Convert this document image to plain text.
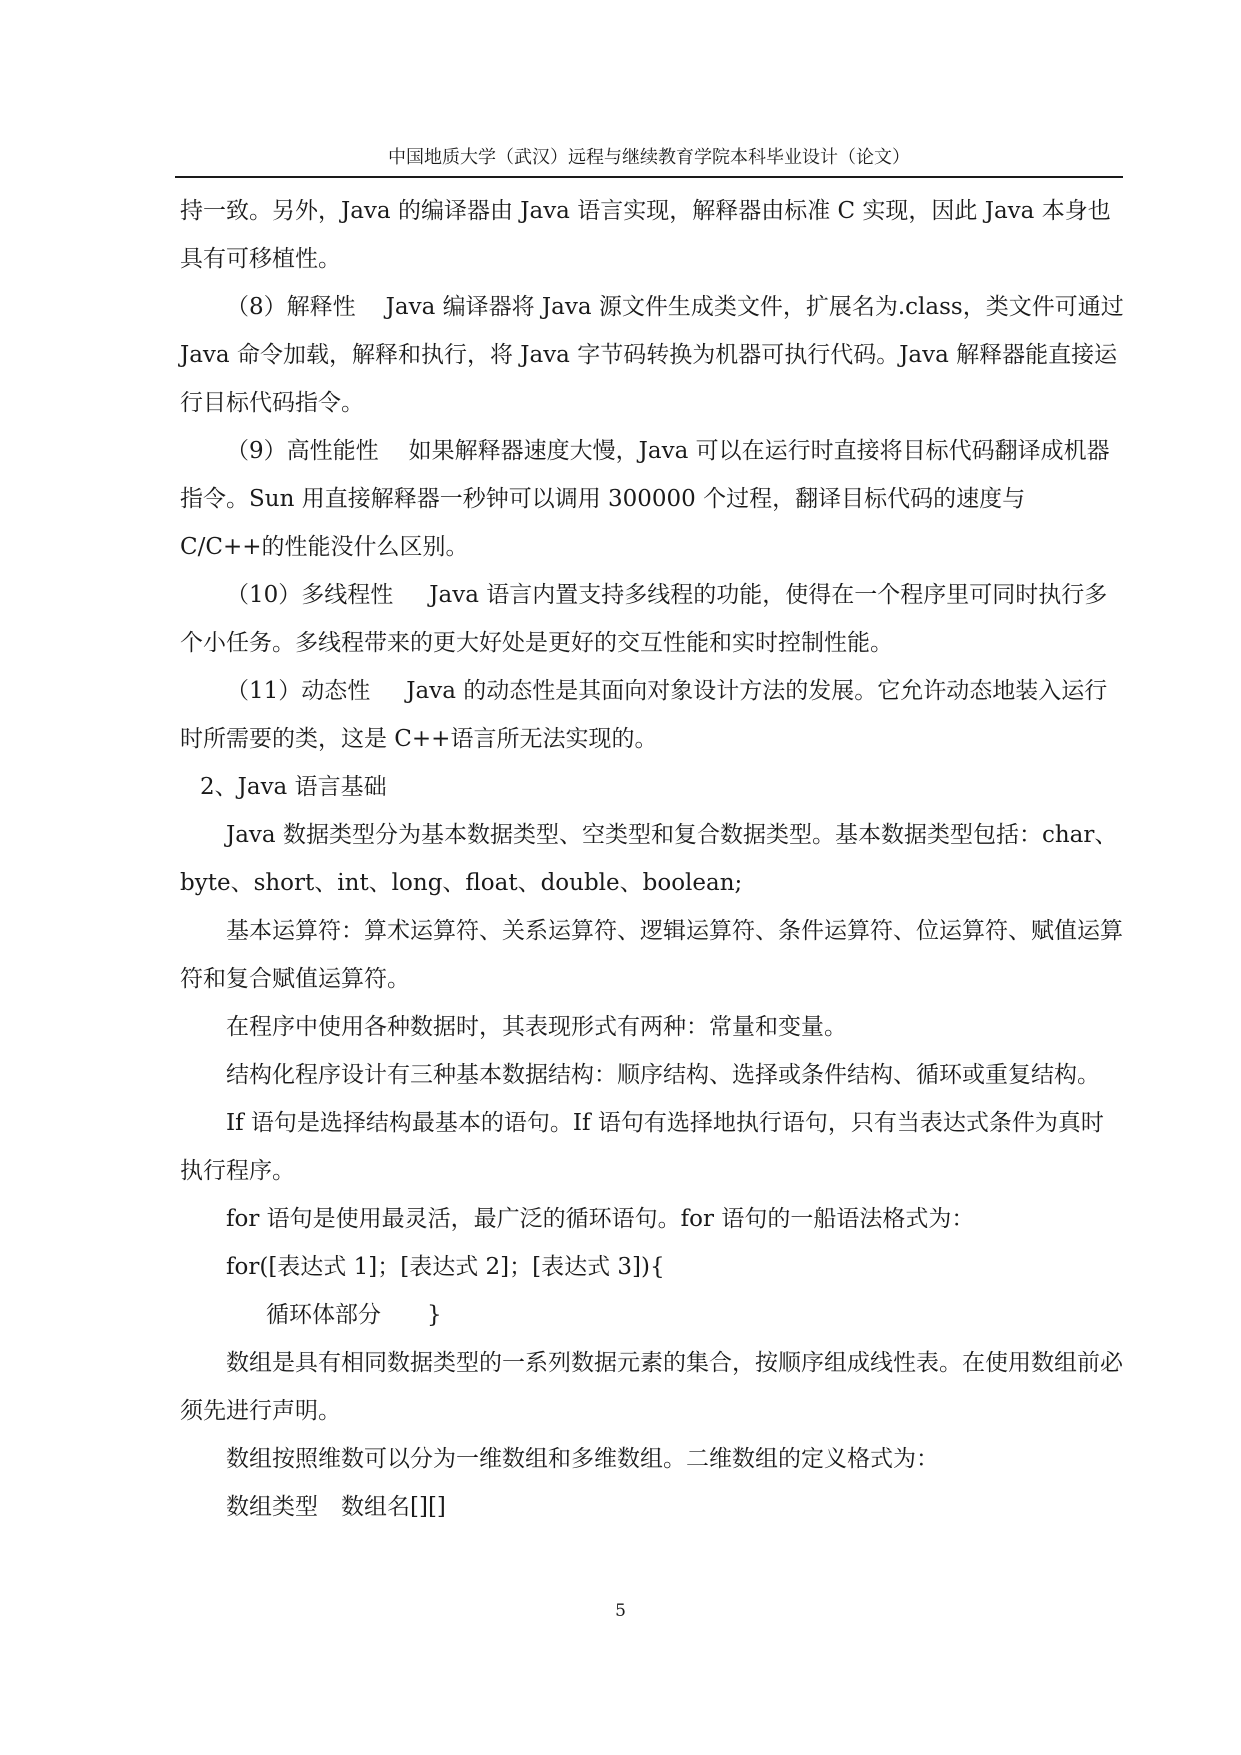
中国地质大学（武汉）远程与继续教育学院本科毕业设计（论文）

持一致。另外，Java 的编译器由 Java 语言实现，解释器由标准 C 实现，因此 Java 本身也具有可移植性。

（8）解释性 Java 编译器将 Java 源文件生成类文件，扩展名为.class，类文件可通过 Java 命令加载，解释和执行，将 Java 字节码转换为机器可执行代码。Java 解释器能直接运行目标代码指令。

（9）高性能性 如果解释器速度大慢，Java 可以在运行时直接将目标代码翻译成机器指令。Sun 用直接解释器一秒钟可以调用 300000 个过程，翻译目标代码的速度与 C/C++的性能没什么区别。

（10）多线程性 Java 语言内置支持多线程的功能，使得在一个程序里可同时执行多个小任务。多线程带来的更大好处是更好的交互性能和实时控制性能。

（11）动态性 Java 的动态性是其面向对象设计方法的发展。它允许动态地装入运行时所需要的类，这是 C++语言所无法实现的。

2、Java 语言基础

Java 数据类型分为基本数据类型、空类型和复合数据类型。基本数据类型包括：char、byte、short、int、long、float、double、boolean;

基本运算符：算术运算符、关系运算符、逻辑运算符、条件运算符、位运算符、赋值运算符和复合赋值运算符。

在程序中使用各种数据时，其表现形式有两种：常量和变量。

结构化程序设计有三种基本数据结构：顺序结构、选择或条件结构、循环或重复结构。

If 语句是选择结构最基本的语句。If 语句有选择地执行语句，只有当表达式条件为真时执行程序。

for 语句是使用最灵活，最广泛的循环语句。for 语句的一船语法格式为：

for([表达式 1]；[表达式 2]；[表达式 3]){

循环体部分　　}

数组是具有相同数据类型的一系列数据元素的集合，按顺序组成线性表。在使用数组前必须先进行声明。

数组按照维数可以分为一维数组和多维数组。二维数组的定义格式为：

数组类型　数组名[][]

5
